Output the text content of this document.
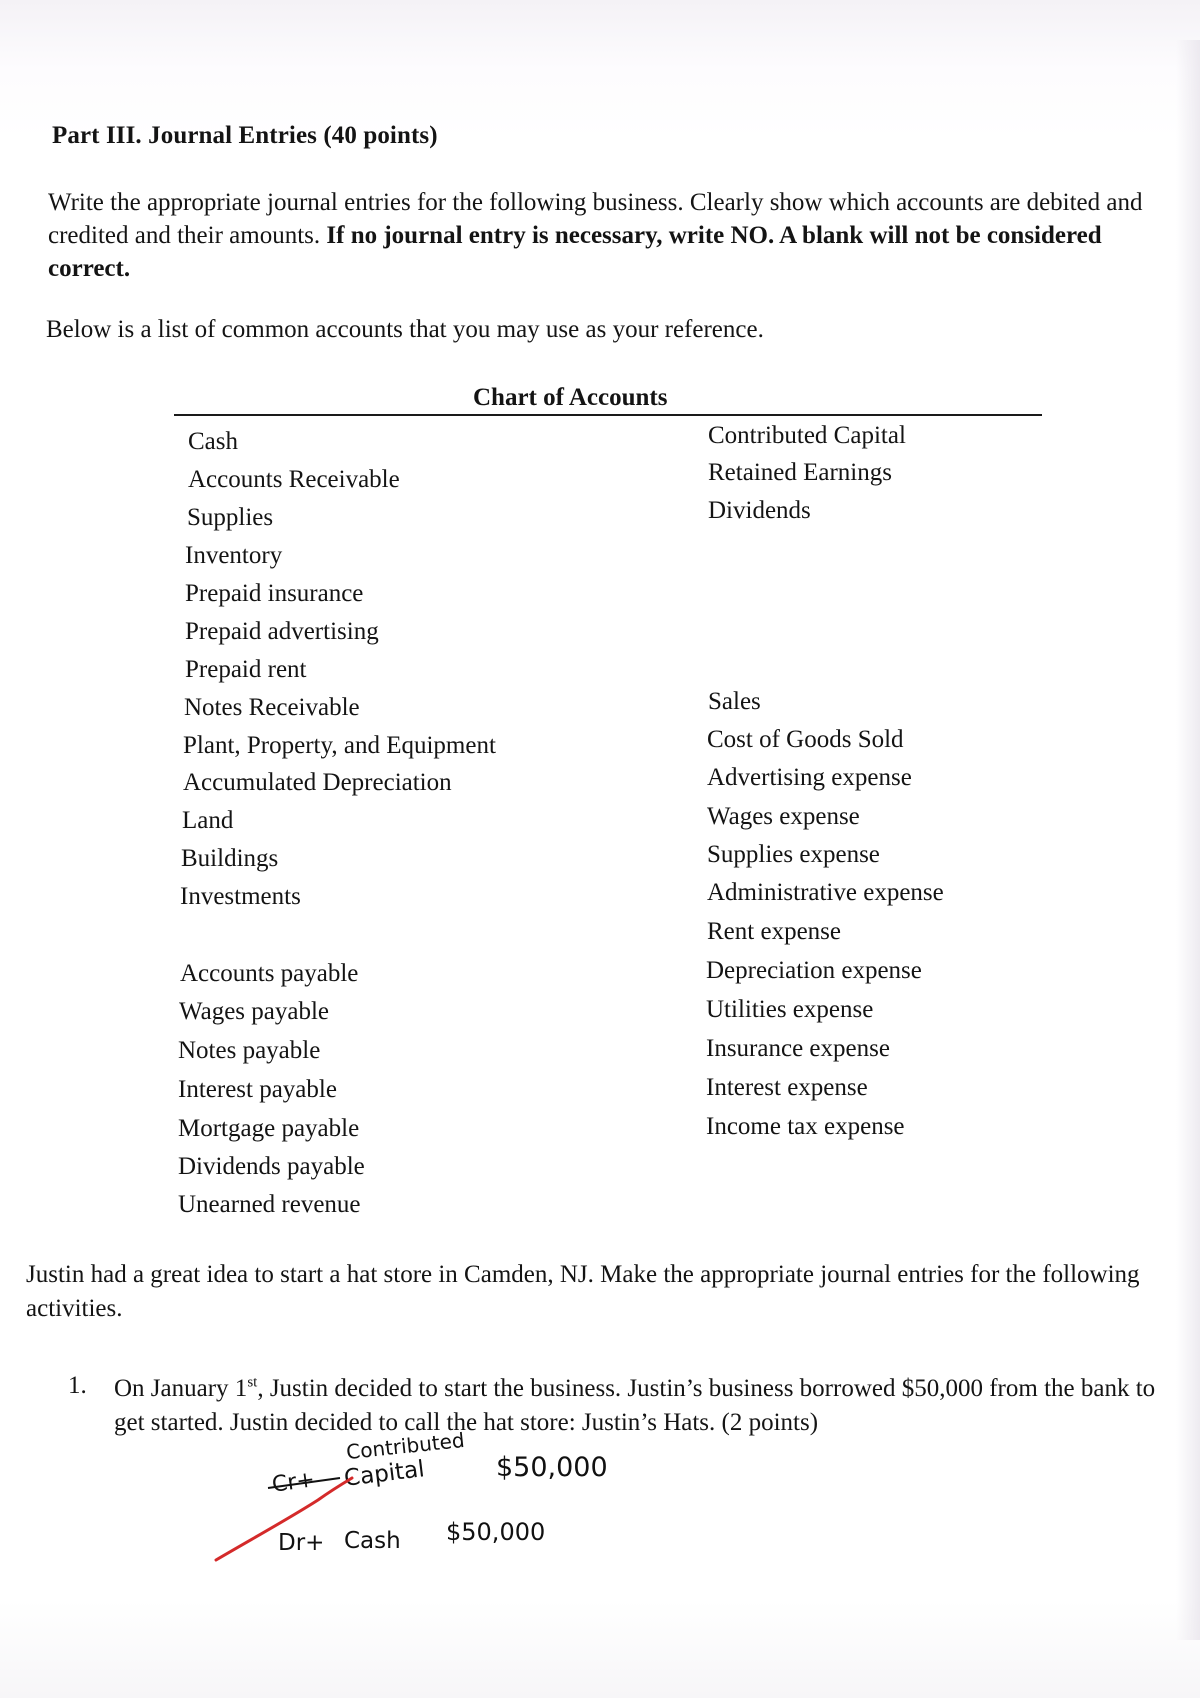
Part III. Journal Entries (40 points)
Write the appropriate journal entries for the following business. Clearly show which accounts are debited and credited and their amounts. If no journal entry is necessary, write NO. A blank will not be considered correct.
Below is a list of common accounts that you may use as your reference.
Chart of Accounts
Cash
Accounts Receivable
Supplies
Inventory
Prepaid insurance
Prepaid advertising
Prepaid rent
Notes Receivable
Plant, Property, and Equipment
Accumulated Depreciation
Land
Buildings
Investments
Accounts payable
Wages payable
Notes payable
Interest payable
Mortgage payable
Dividends payable
Unearned revenue
Contributed Capital
Retained Earnings
Dividends
Sales
Cost of Goods Sold
Advertising expense
Wages expense
Supplies expense
Administrative expense
Rent expense
Depreciation expense
Utilities expense
Insurance expense
Interest expense
Income tax expense
Justin had a great idea to start a hat store in Camden, NJ. Make the appropriate journal entries for the following activities.
1. On January 1st, Justin decided to start the business. Justin’s business borrowed $50,000 from the bank to get started. Justin decided to call the hat store: Justin’s Hats. (2 points)
Contributed
Cr+ Capital	$50,000
Dr+ Cash $50,000
